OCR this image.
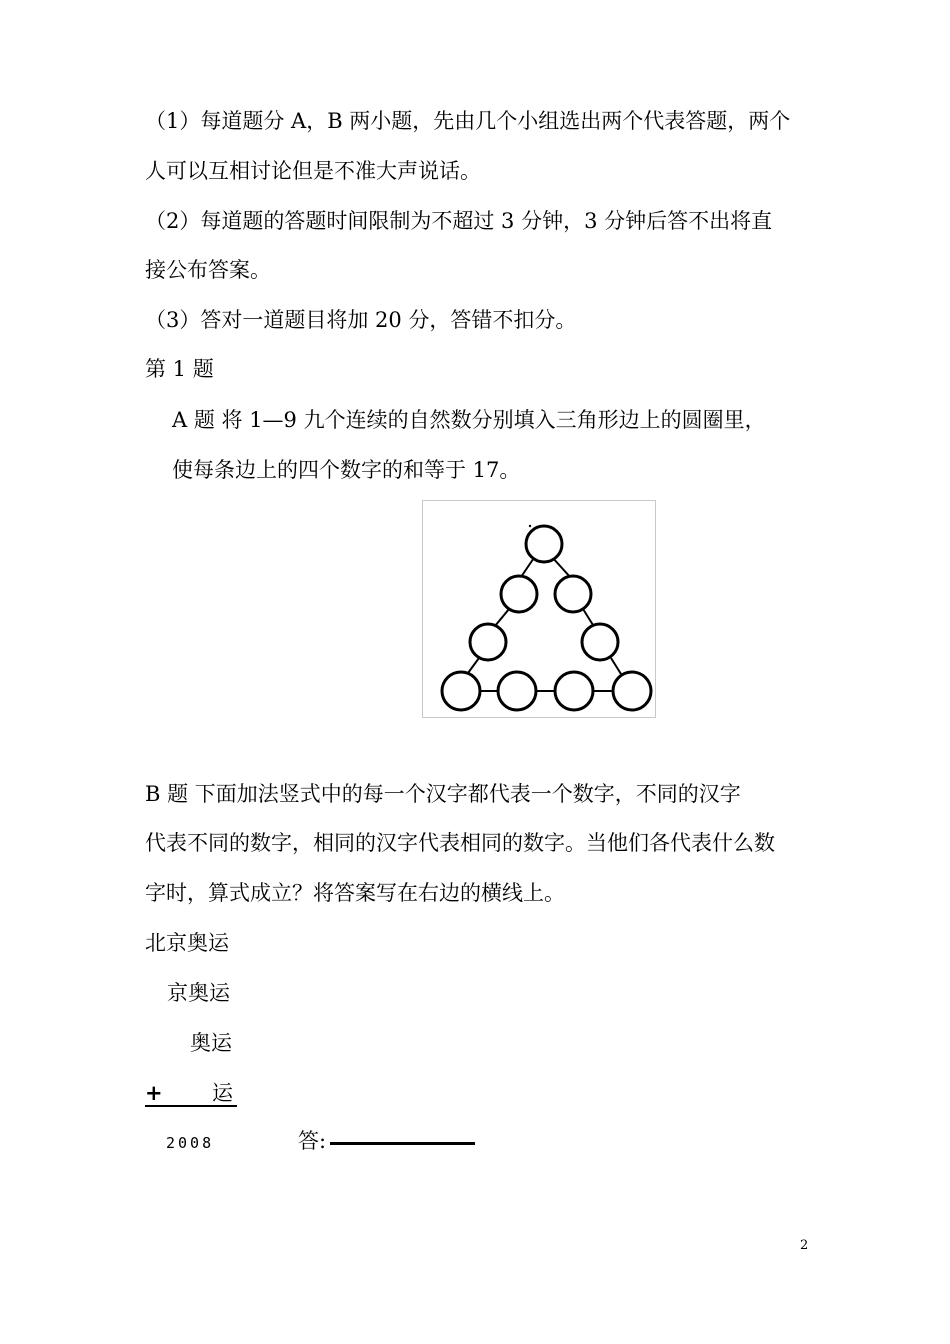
（1）每道题分 A，B 两小题，先由几个小组选出两个代表答题，两个
人可以互相讨论但是不准大声说话。
（2）每道题的答题时间限制为不超过 3 分钟，3 分钟后答不出将直
接公布答案。
（3）答对一道题目将加 20 分，答错不扣分。
第 1 题
A 题 将 1—9 九个连续的自然数分别填入三角形边上的圆圈里，
使每条边上的四个数字的和等于 17。
B 题 下面加法竖式中的每一个汉字都代表一个数字，不同的汉字
代表不同的数字，相同的汉字代表相同的数字。当他们各代表什么数
字时，算式成立？将答案写在右边的横线上。
北京奥运
京奥运
奥运
+ 运
2008	答:
2
